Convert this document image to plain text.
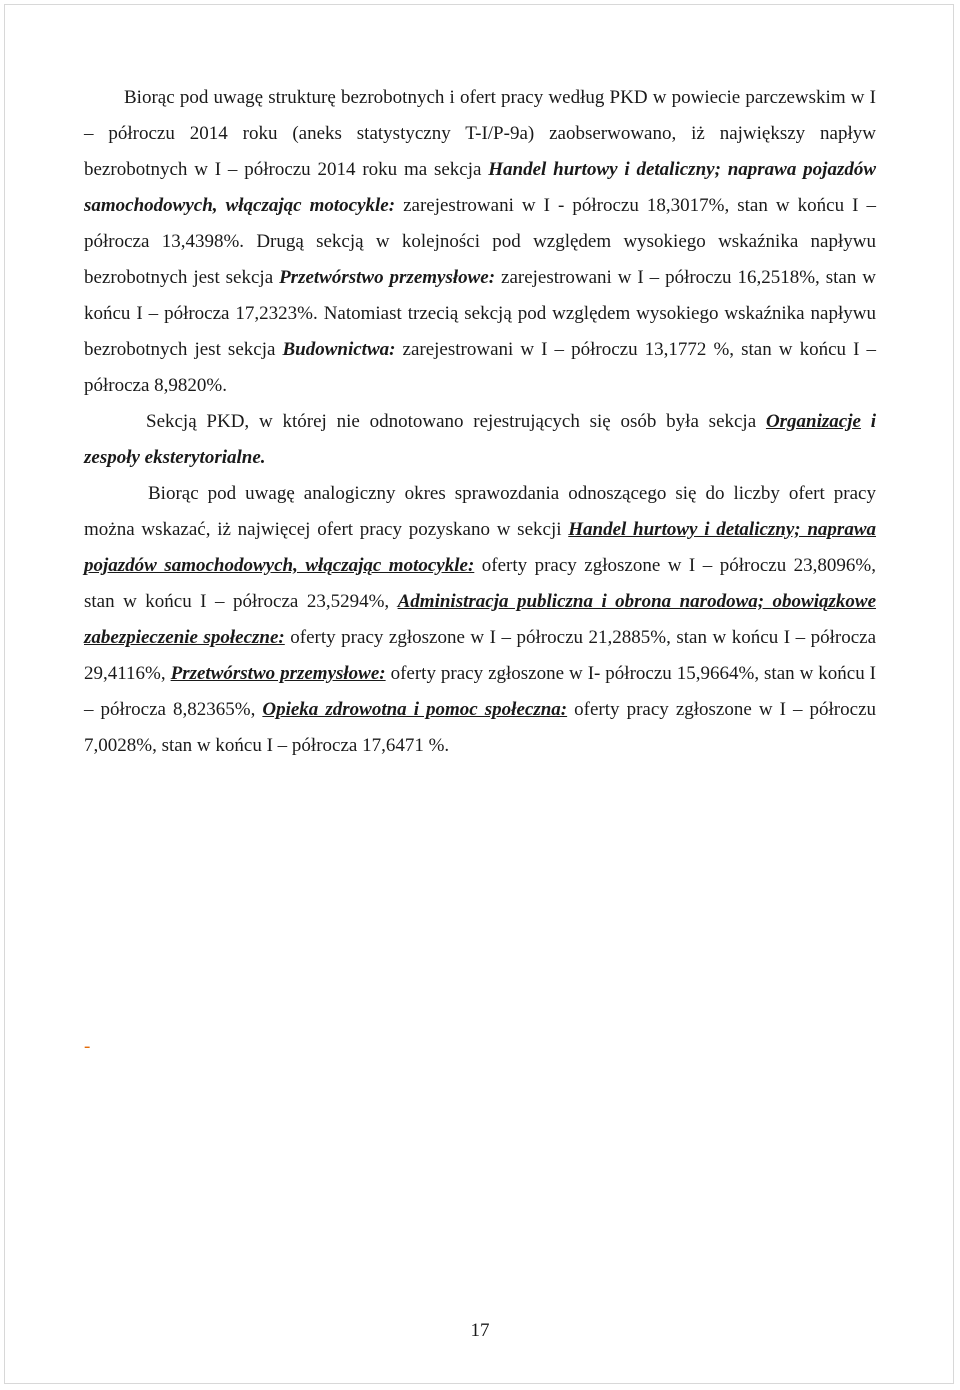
Biorąc pod uwagę strukturę bezrobotnych i ofert pracy według PKD w powiecie parczewskim w I – półroczu 2014 roku (aneks statystyczny T-I/P-9a) zaobserwowano, iż największy napływ bezrobotnych w I – półroczu 2014 roku ma sekcja Handel hurtowy i detaliczny; naprawa pojazdów samochodowych, włączając motocykle: zarejestrowani w I - półroczu 18,3017%, stan w końcu I – półrocza 13,4398%. Drugą sekcją w kolejności pod względem wysokiego wskaźnika napływu bezrobotnych jest sekcja Przetwórstwo przemysłowe: zarejestrowani w I – półroczu 16,2518%, stan w końcu I – półrocza 17,2323%. Natomiast trzecią sekcją pod względem wysokiego wskaźnika napływu bezrobotnych jest sekcja Budownictwa: zarejestrowani w I – półroczu 13,1772 %, stan w końcu I – półrocza 8,9820%.

Sekcją PKD, w której nie odnotowano rejestrujących się osób była sekcja Organizacje i zespoły eksterytorialne.

Biorąc pod uwagę analogiczny okres sprawozdania odnoszącego się do liczby ofert pracy można wskazać, iż najwięcej ofert pracy pozyskano w sekcji Handel hurtowy i detaliczny; naprawa pojazdów samochodowych, włączając motocykle: oferty pracy zgłoszone w I – półroczu 23,8096%, stan w końcu I – półrocza 23,5294%, Administracja publiczna i obrona narodowa; obowiązkowe zabezpieczenie społeczne: oferty pracy zgłoszone w I – półroczu 21,2885%, stan w końcu I – półrocza 29,4116%, Przetwórstwo przemysłowe: oferty pracy zgłoszone w I- półroczu 15,9664%, stan w końcu I – półrocza 8,82365%, Opieka zdrowotna i pomoc społeczna: oferty pracy zgłoszone w I – półroczu 7,0028%, stan w końcu I – półrocza 17,6471 %.

-
17
